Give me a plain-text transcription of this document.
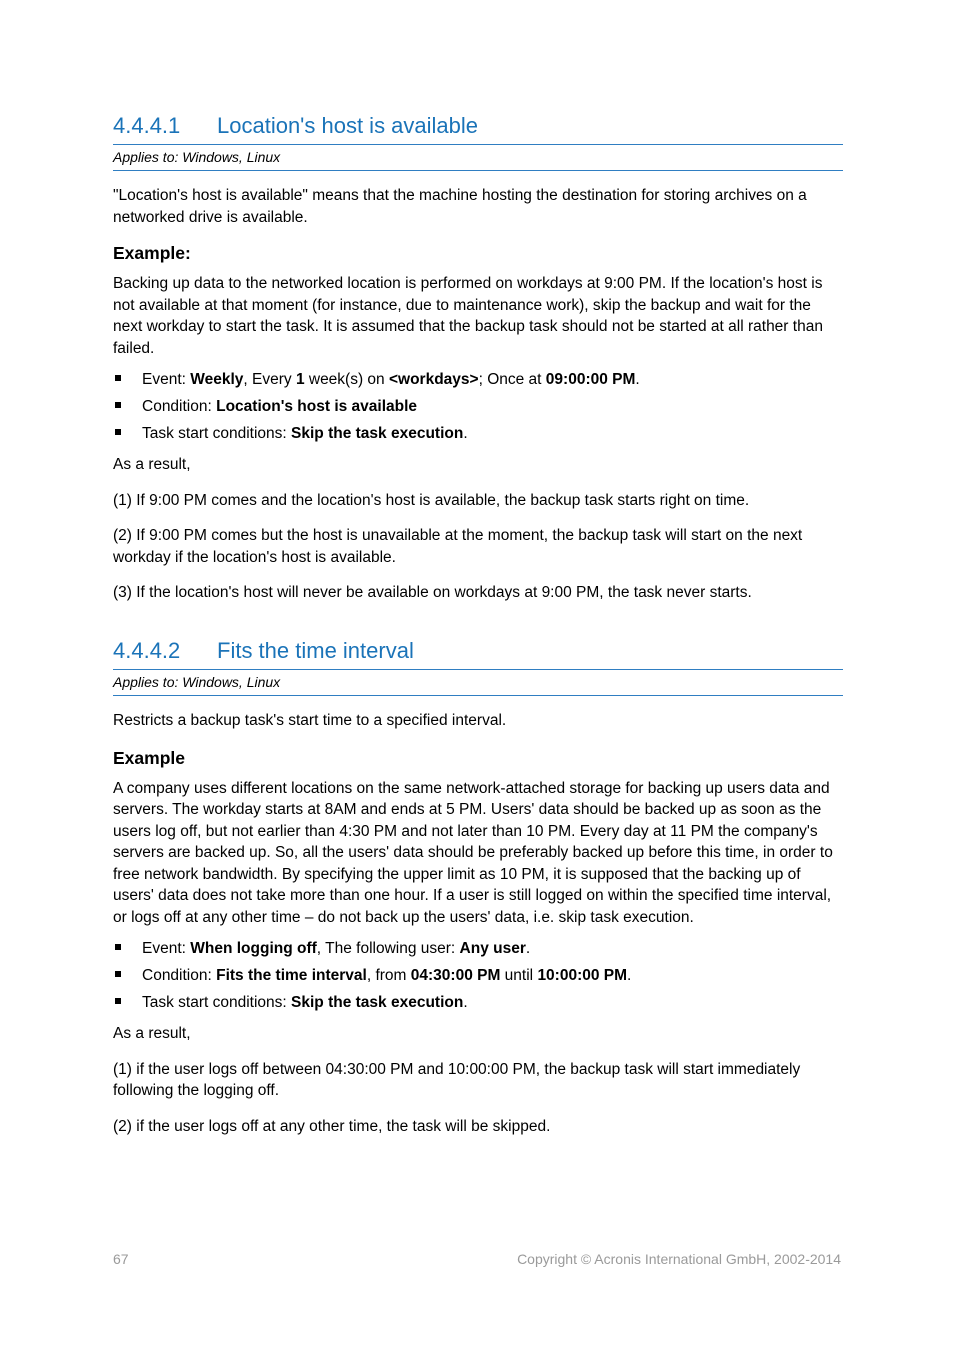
4.4.4.1	Location's host is available
Applies to: Windows, Linux

"Location's host is available" means that the machine hosting the destination for storing archives on a networked drive is available.

Example:

Backing up data to the networked location is performed on workdays at 9:00 PM. If the location's host is not available at that moment (for instance, due to maintenance work), skip the backup and wait for the next workday to start the task. It is assumed that the backup task should not be started at all rather than failed.

Event: Weekly, Every 1 week(s) on <workdays>; Once at 09:00:00 PM.
Condition: Location's host is available
Task start conditions: Skip the task execution.

As a result,

(1) If 9:00 PM comes and the location's host is available, the backup task starts right on time.

(2) If 9:00 PM comes but the host is unavailable at the moment, the backup task will start on the next workday if the location's host is available.

(3) If the location's host will never be available on workdays at 9:00 PM, the task never starts.

4.4.4.2	Fits the time interval
Applies to: Windows, Linux

Restricts a backup task's start time to a specified interval.

Example

A company uses different locations on the same network-attached storage for backing up users data and servers. The workday starts at 8AM and ends at 5 PM. Users' data should be backed up as soon as the users log off, but not earlier than 4:30 PM and not later than 10 PM. Every day at 11 PM the company's servers are backed up. So, all the users' data should be preferably backed up before this time, in order to free network bandwidth. By specifying the upper limit as 10 PM, it is supposed that the backing up of users' data does not take more than one hour. If a user is still logged on within the specified time interval, or logs off at any other time – do not back up the users' data, i.e. skip task execution.

Event: When logging off, The following user: Any user.
Condition: Fits the time interval, from 04:30:00 PM until 10:00:00 PM.
Task start conditions: Skip the task execution.

As a result,

(1) if the user logs off between 04:30:00 PM and 10:00:00 PM, the backup task will start immediately following the logging off.

(2) if the user logs off at any other time, the task will be skipped.

67	Copyright © Acronis International GmbH, 2002-2014
